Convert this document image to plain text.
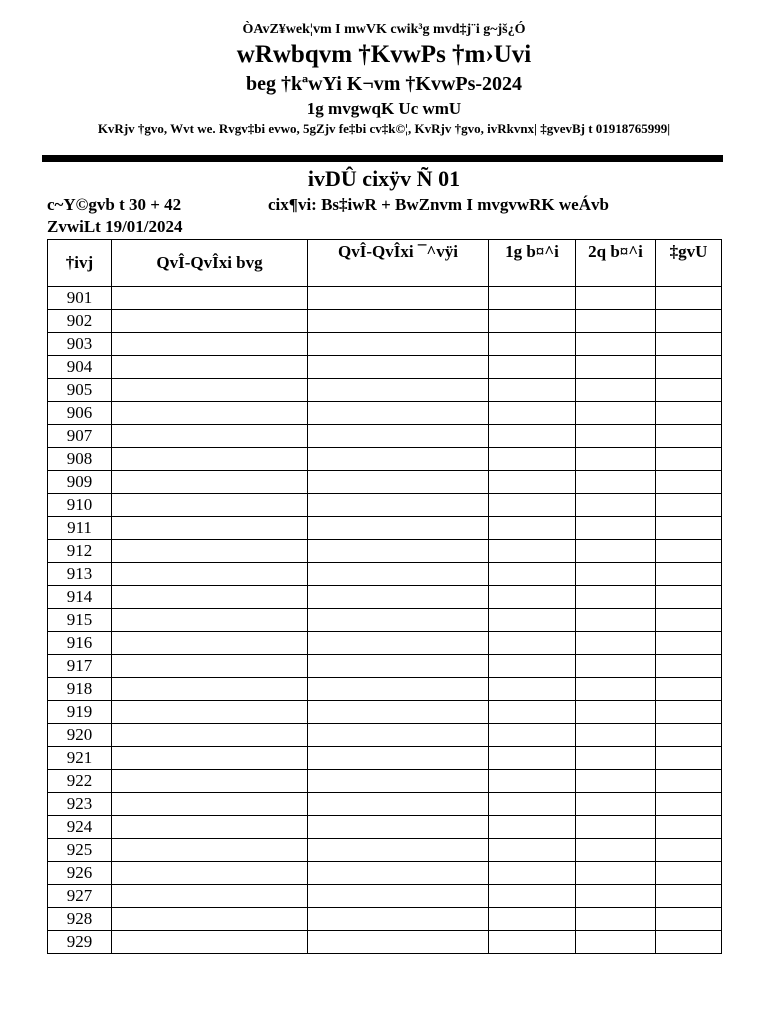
ÒAvZ¥wek¦vm I mwVK cwik³g mvd‡j¨i g~jš¿Ó
wRwbqvm †KvwPs †m›Uvi
beg †kªwYi K¬vm †KvwPs-2024
1g mvgwqK Uc wmU
KvRjv †gvo, Wvt we. Rvgv‡bi evwo, 5gZjv fe‡bi cv‡k©¦, KvRjv †gvo, ivRkvnx| ‡gvevBj t 01918765999|
ivDÛ cixÿv Ñ 01
c~Y©gvb t 30 + 42	cix¶vi: Bs‡iwR + BwZnvm I mvgvwRK weÁvb
ZvwiLt 19/01/2024
†ivj	QvÎ-QvÎxi bvg	QvÎ-QvÎxi ¯^vÿi	1g b¤^i	2q b¤^i	‡gvU
901					
902					
903					
904					
905					
906					
907					
908					
909					
910					
911					
912					
913					
914					
915					
916					
917					
918					
919					
920					
921					
922					
923					
924					
925					
926					
927					
928					
929					
